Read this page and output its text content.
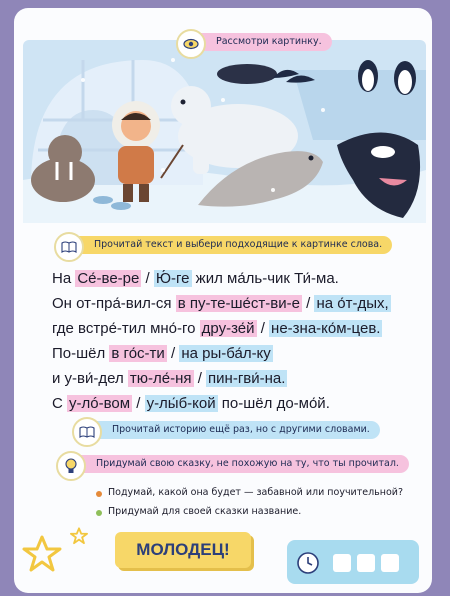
Рассмотри картинку.
Прочитай текст и выбери подходящие к картинке слова.
На Се́-ве-ре / Ю́-ге жил ма́ль-чик Ти́-ма.
Он от-пра́-вил-ся в пу-те-ше́ст-ви-е / на о́т-дых,
где встре́-тил мно́-го дру-зе́й / не-зна-ко́м-цев.
По-шёл в го́с-ти / на ры-ба́л-ку
и у-ви́-дел тю-ле́-ня / пин-гви́-на.
С у-лó-вом / у-лы́б-кой по-шёл до-мо́й.
Прочитай историю ещё раз, но с другими словами.
Придумай свою сказку, не похожую на ту, что ты прочитал.
Подумай, какой она будет — забавной или поучительной?
Придумай для своей сказки название.
МОЛОДЕЦ!
